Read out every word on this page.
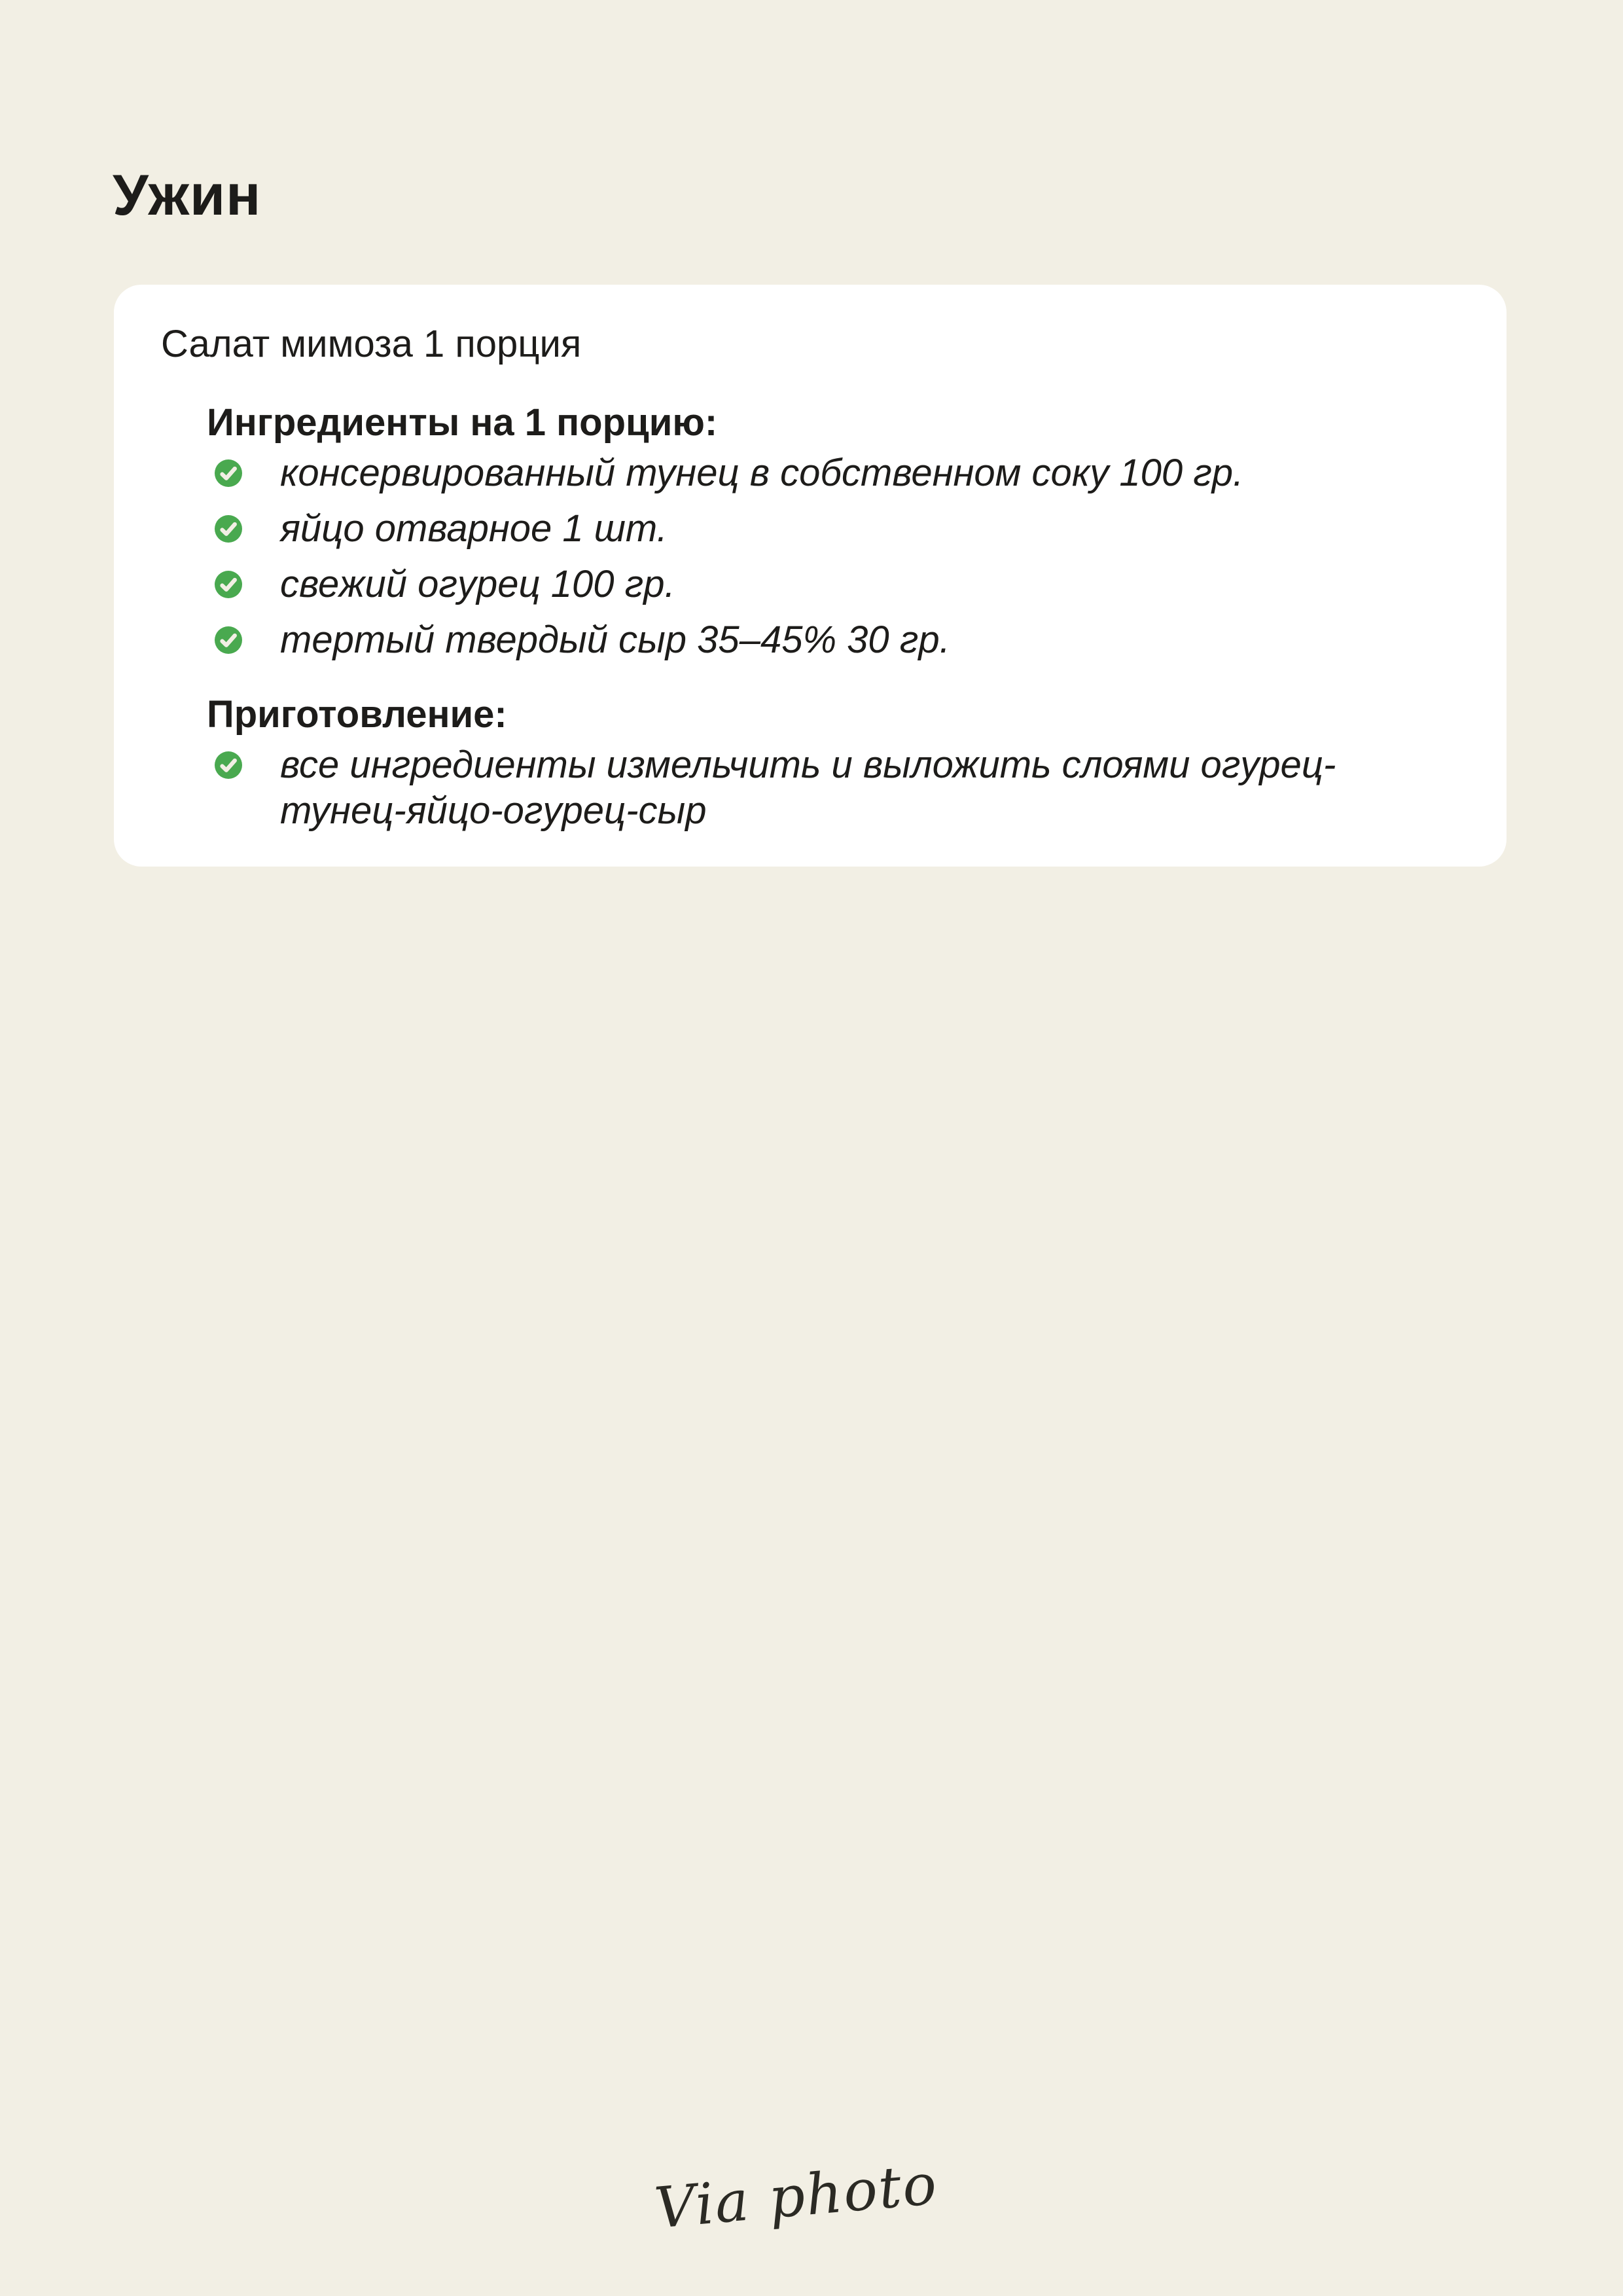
Ужин
Салат мимоза 1 порция
Ингредиенты на 1 порцию:
консервированный тунец в собственном соку 100 гр.
яйцо отварное 1 шт.
свежий огурец 100 гр.
тертый твердый сыр 35–45% 30 гр.
Приготовление:
все ингредиенты измельчить и выложить слоями огурец-тунец-яйцо-огурец-сыр
Via photo
